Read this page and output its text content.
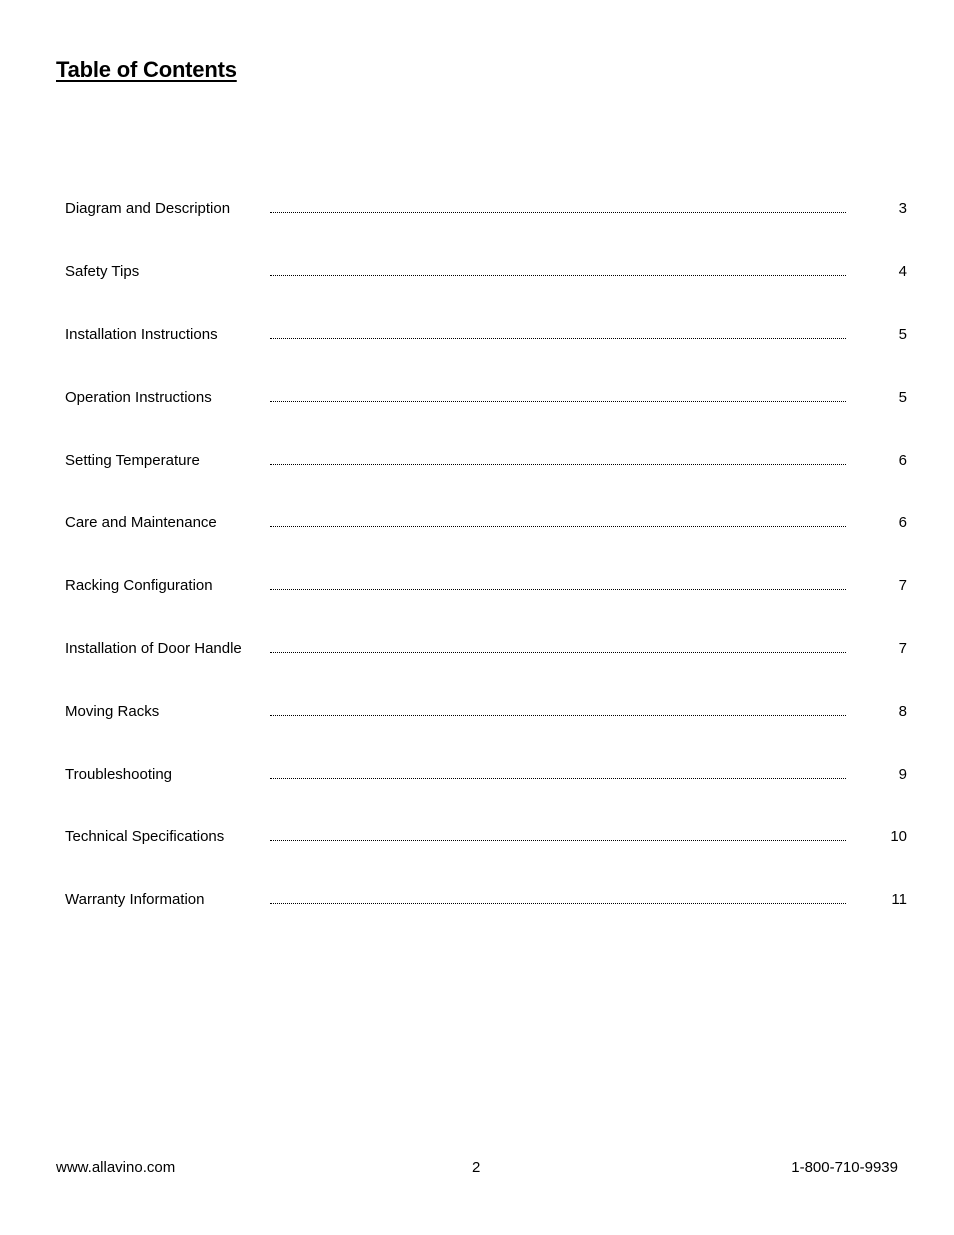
Table of Contents
Diagram and Description	3
Safety Tips	4
Installation Instructions	5
Operation Instructions	5
Setting Temperature	6
Care and Maintenance	6
Racking Configuration	7
Installation of Door Handle	7
Moving Racks	8
Troubleshooting	9
Technical Specifications	10
Warranty Information	11
www.allavino.com	2	1-800-710-9939
